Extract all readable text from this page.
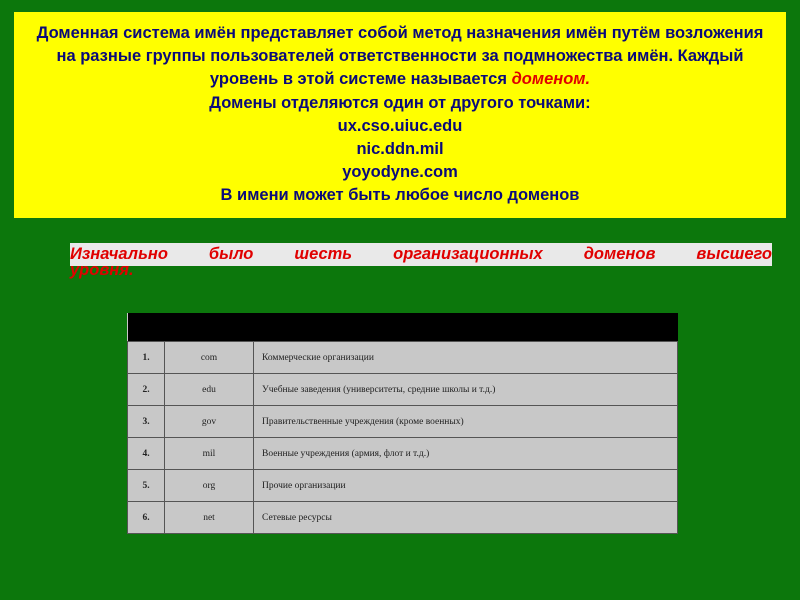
Доменная система имён представляет собой метод назначения имён путём возложения на разные группы пользователей ответственности за подмножества имён. Каждый уровень в этой системе называется доменом.

Домены отделяются один от другого точками:

ux.cso.uiuc.edu

nic.ddn.mil

yoyodyne.com

В имени может быть любое число доменов

Изначально было шесть организационных доменов высшего
уровня.

1.	com	Коммерческие организации
2.	edu	Учебные заведения (университеты, средние школы и т.д.)
3.	gov	Правительственные учреждения (кроме военных)
4.	mil	Военные учреждения (армия, флот и т.д.)
5.	org	Прочие организации
6.	net	Сетевые ресурсы
